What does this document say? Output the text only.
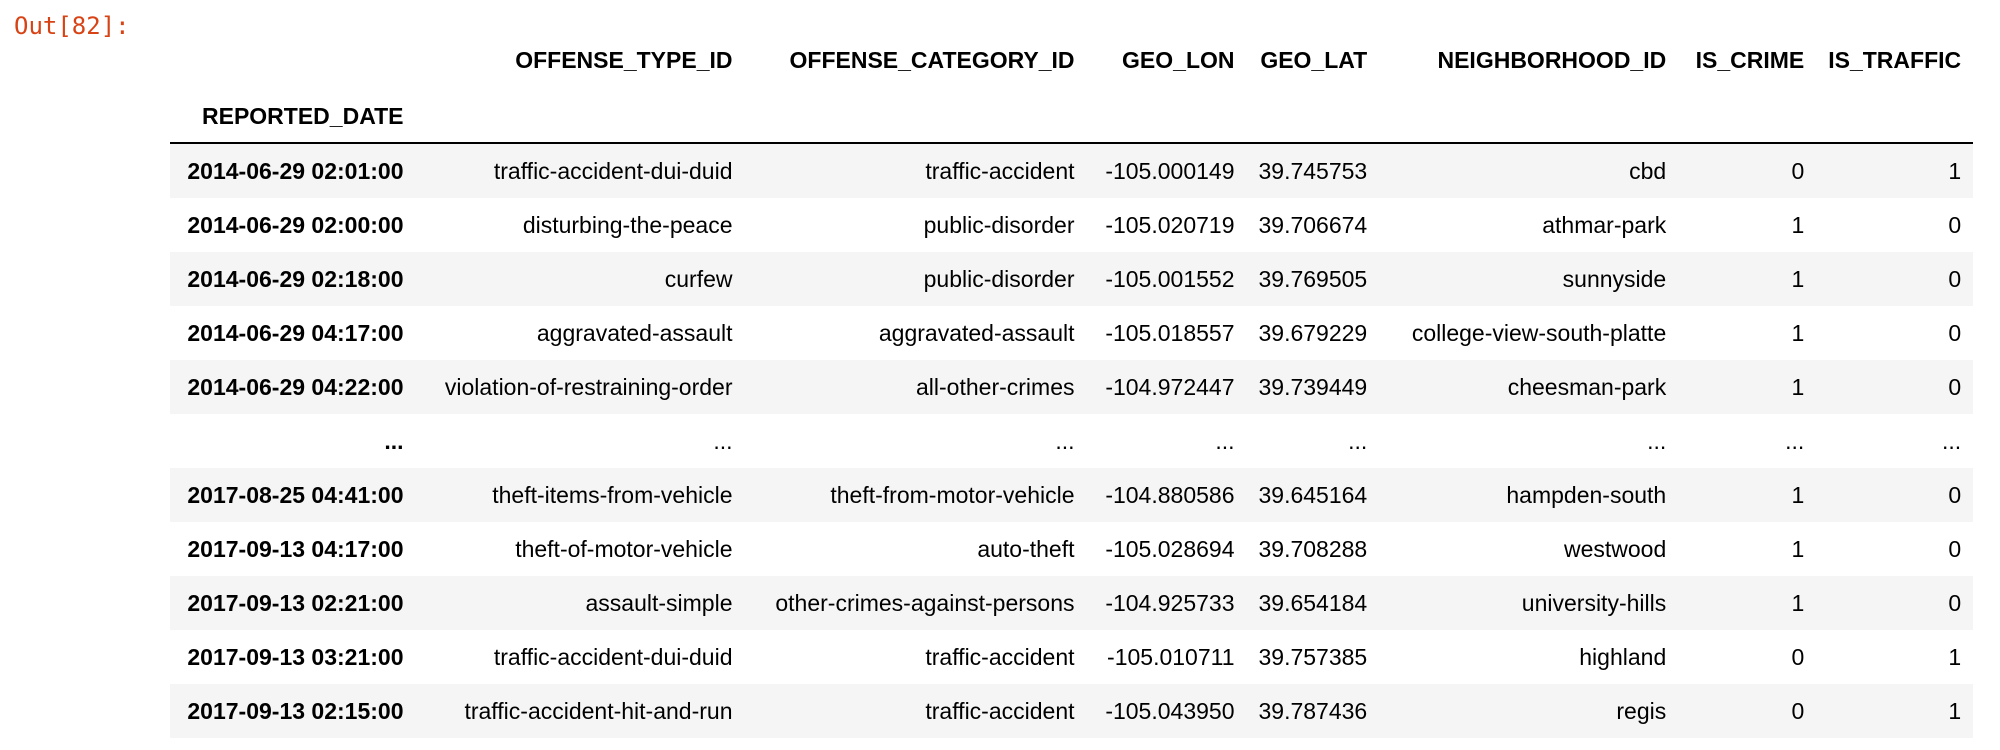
Out[82]:
	OFFENSE_TYPE_ID	OFFENSE_CATEGORY_ID	GEO_LON	GEO_LAT	NEIGHBORHOOD_ID	IS_CRIME	IS_TRAFFIC
REPORTED_DATE							
2014-06-29 02:01:00	traffic-accident-dui-duid	traffic-accident	-105.000149	39.745753	cbd	0	1
2014-06-29 02:00:00	disturbing-the-peace	public-disorder	-105.020719	39.706674	athmar-park	1	0
2014-06-29 02:18:00	curfew	public-disorder	-105.001552	39.769505	sunnyside	1	0
2014-06-29 04:17:00	aggravated-assault	aggravated-assault	-105.018557	39.679229	college-view-south-platte	1	0
2014-06-29 04:22:00	violation-of-restraining-order	all-other-crimes	-104.972447	39.739449	cheesman-park	1	0
...	...	...	...	...	...	...	...
2017-08-25 04:41:00	theft-items-from-vehicle	theft-from-motor-vehicle	-104.880586	39.645164	hampden-south	1	0
2017-09-13 04:17:00	theft-of-motor-vehicle	auto-theft	-105.028694	39.708288	westwood	1	0
2017-09-13 02:21:00	assault-simple	other-crimes-against-persons	-104.925733	39.654184	university-hills	1	0
2017-09-13 03:21:00	traffic-accident-dui-duid	traffic-accident	-105.010711	39.757385	highland	0	1
2017-09-13 02:15:00	traffic-accident-hit-and-run	traffic-accident	-105.043950	39.787436	regis	0	1
